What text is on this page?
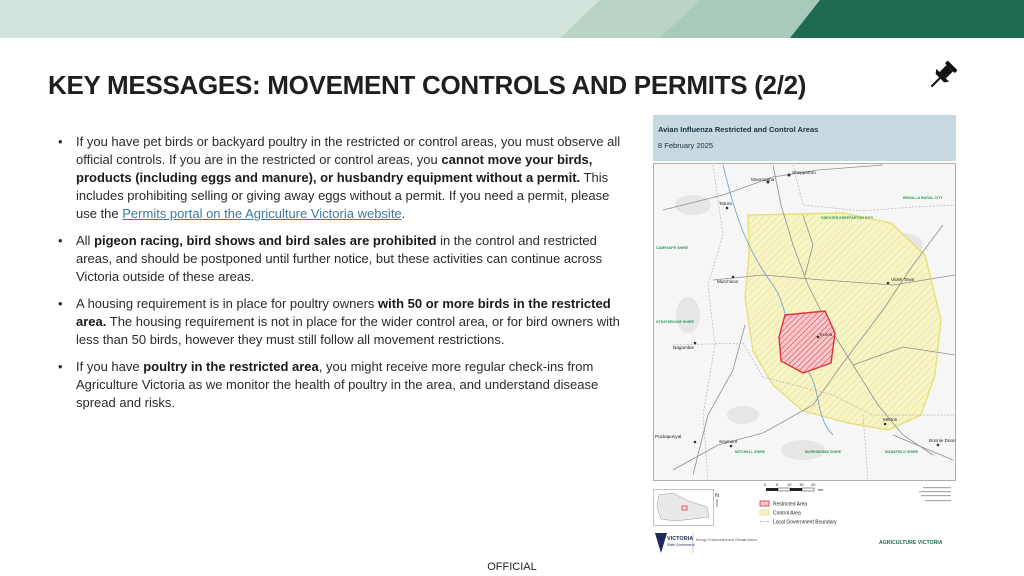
KEY MESSAGES: MOVEMENT CONTROLS AND PERMITS (2/2)
• If you have pet birds or backyard poultry in the restricted or control areas, you must observe all official controls. If you are in the restricted or control areas, you cannot move your birds, products (including eggs and manure), or husbandry equipment without a permit. This includes prohibiting selling or giving away eggs without a permit. If you need a permit, please use the Permits portal on the Agriculture Victoria website.
• All pigeon racing, bird shows and bird sales are prohibited in the control and restricted areas, and should be postponed until further notice, but these activities can continue across Victoria outside of these areas.
• A housing requirement is in place for poultry owners with 50 or more birds in the restricted area. The housing requirement is not in place for the wider control area, or for bird owners with less than 50 birds, however they must still follow all movement restrictions.
• If you have poultry in the restricted area, you might receive more regular check-ins from Agriculture Victoria as we monitor the health of poultry in the area, and understand disease spread and risks.
Avian Influenza Restricted and Control Areas
8 February 2025
Shepparton
Mooroopna
Tatura
Violet Town
Euroa
Murchison
Nagambie
Puckapunyal
Seymour
Merton
Bonnie Doon
GREATER SHEPPARTON CITY
BENALLA RURAL CITY
CAMPASPE SHIRE
STRATHBOGIE SHIRE
MITCHELL SHIRE	MURRINDINDI SHIRE	MANSFIELD SHIRE
0 5 10 15 20
km
N
Restricted Area
Control Area
Local Government Boundary
VICTORIA
State Government
Energy, Environment and Climate Action	AGRICULTURE VICTORIA
OFFICIAL
